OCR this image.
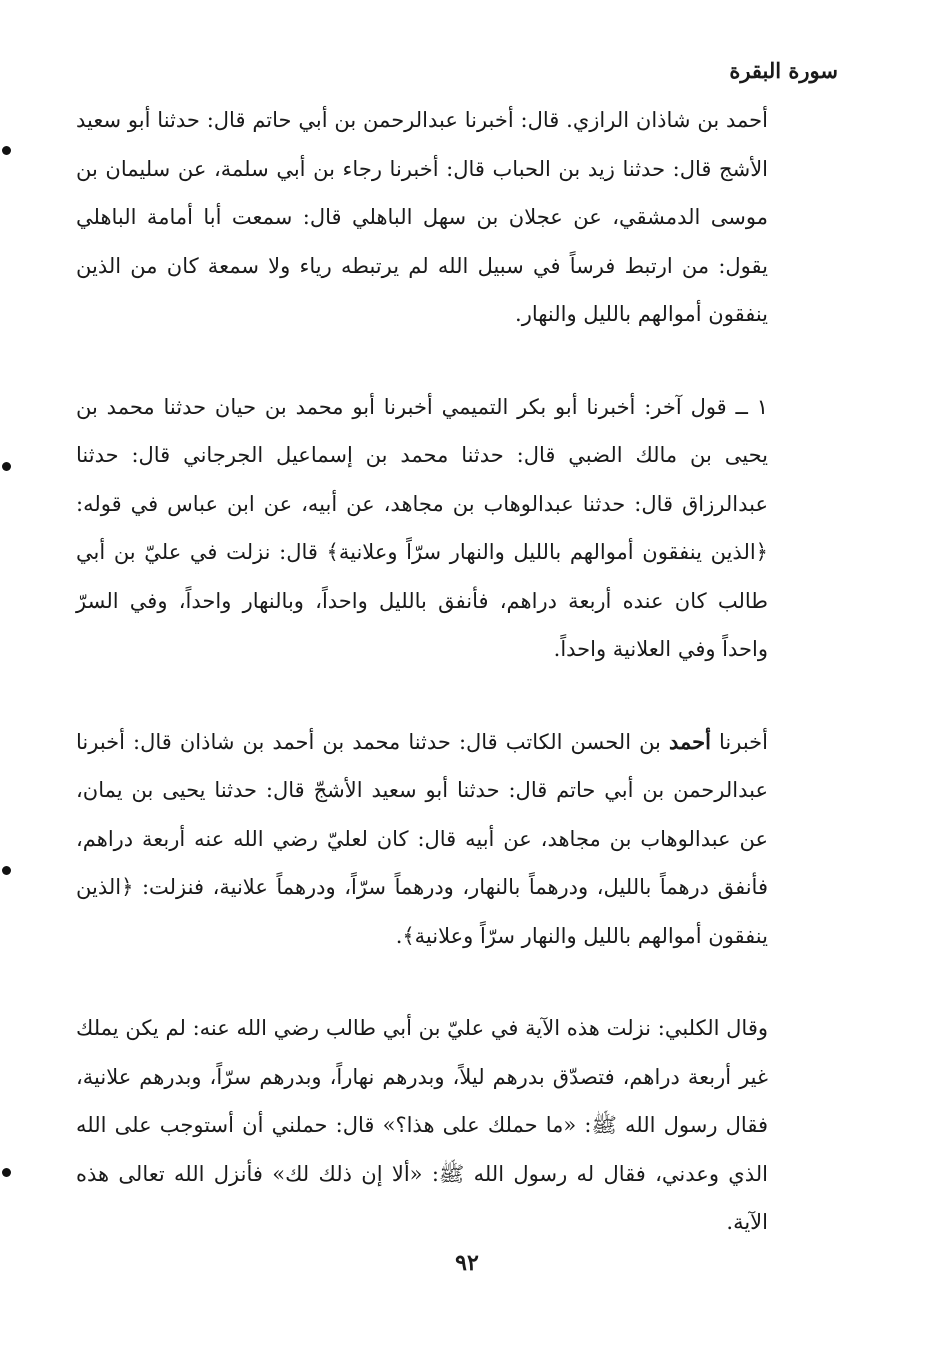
سورة البقرة

أحمد بن شاذان الرازي. قال: أخبرنا عبدالرحمن بن أبي حاتم قال: حدثنا أبو سعيد الأشج قال: حدثنا زيد بن الحباب قال: أخبرنا رجاء بن أبي سلمة، عن سليمان بن موسى الدمشقي، عن عجلان بن سهل الباهلي قال: سمعت أبا أمامة الباهلي يقول: من ارتبط فرساً في سبيل الله لم يرتبطه رياء ولا سمعة كان من الذين ينفقون أموالهم بالليل والنهار.

١ ــ قول آخر: أخبرنا أبو بكر التميمي أخبرنا أبو محمد بن حيان حدثنا محمد بن يحيى بن مالك الضبي قال: حدثنا محمد بن إسماعيل الجرجاني قال: حدثنا عبدالرزاق قال: حدثنا عبدالوهاب بن مجاهد، عن أبيه، عن ابن عباس في قوله: ﴿الذين ينفقون أموالهم بالليل والنهار سرّاً وعلانية﴾ قال: نزلت في عليّ بن أبي طالب كان عنده أربعة دراهم، فأنفق بالليل واحداً، وبالنهار واحداً، وفي السرّ واحداً وفي العلانية واحداً.

أخبرنا أحمد بن الحسن الكاتب قال: حدثنا محمد بن أحمد بن شاذان قال: أخبرنا عبدالرحمن بن أبي حاتم قال: حدثنا أبو سعيد الأشجّ قال: حدثنا يحيى بن يمان، عن عبدالوهاب بن مجاهد، عن أبيه قال: كان لعليّ رضي الله عنه أربعة دراهم، فأنفق درهماً بالليل، ودرهماً بالنهار، ودرهماً سرّاً، ودرهماً علانية، فنزلت: ﴿الذين ينفقون أموالهم بالليل والنهار سرّاً وعلانية﴾.

وقال الكلبي: نزلت هذه الآية في عليّ بن أبي طالب رضي الله عنه: لم يكن يملك غير أربعة دراهم، فتصدّق بدرهم ليلاً، وبدرهم نهاراً، وبدرهم سرّاً، وبدرهم علانية، فقال رسول الله ﷺ: «ما حملك على هذا؟» قال: حملني أن أستوجب على الله الذي وعدني، فقال له رسول الله ﷺ: «ألا إن ذلك لك» فأنزل الله تعالى هذه الآية.

٩٢
